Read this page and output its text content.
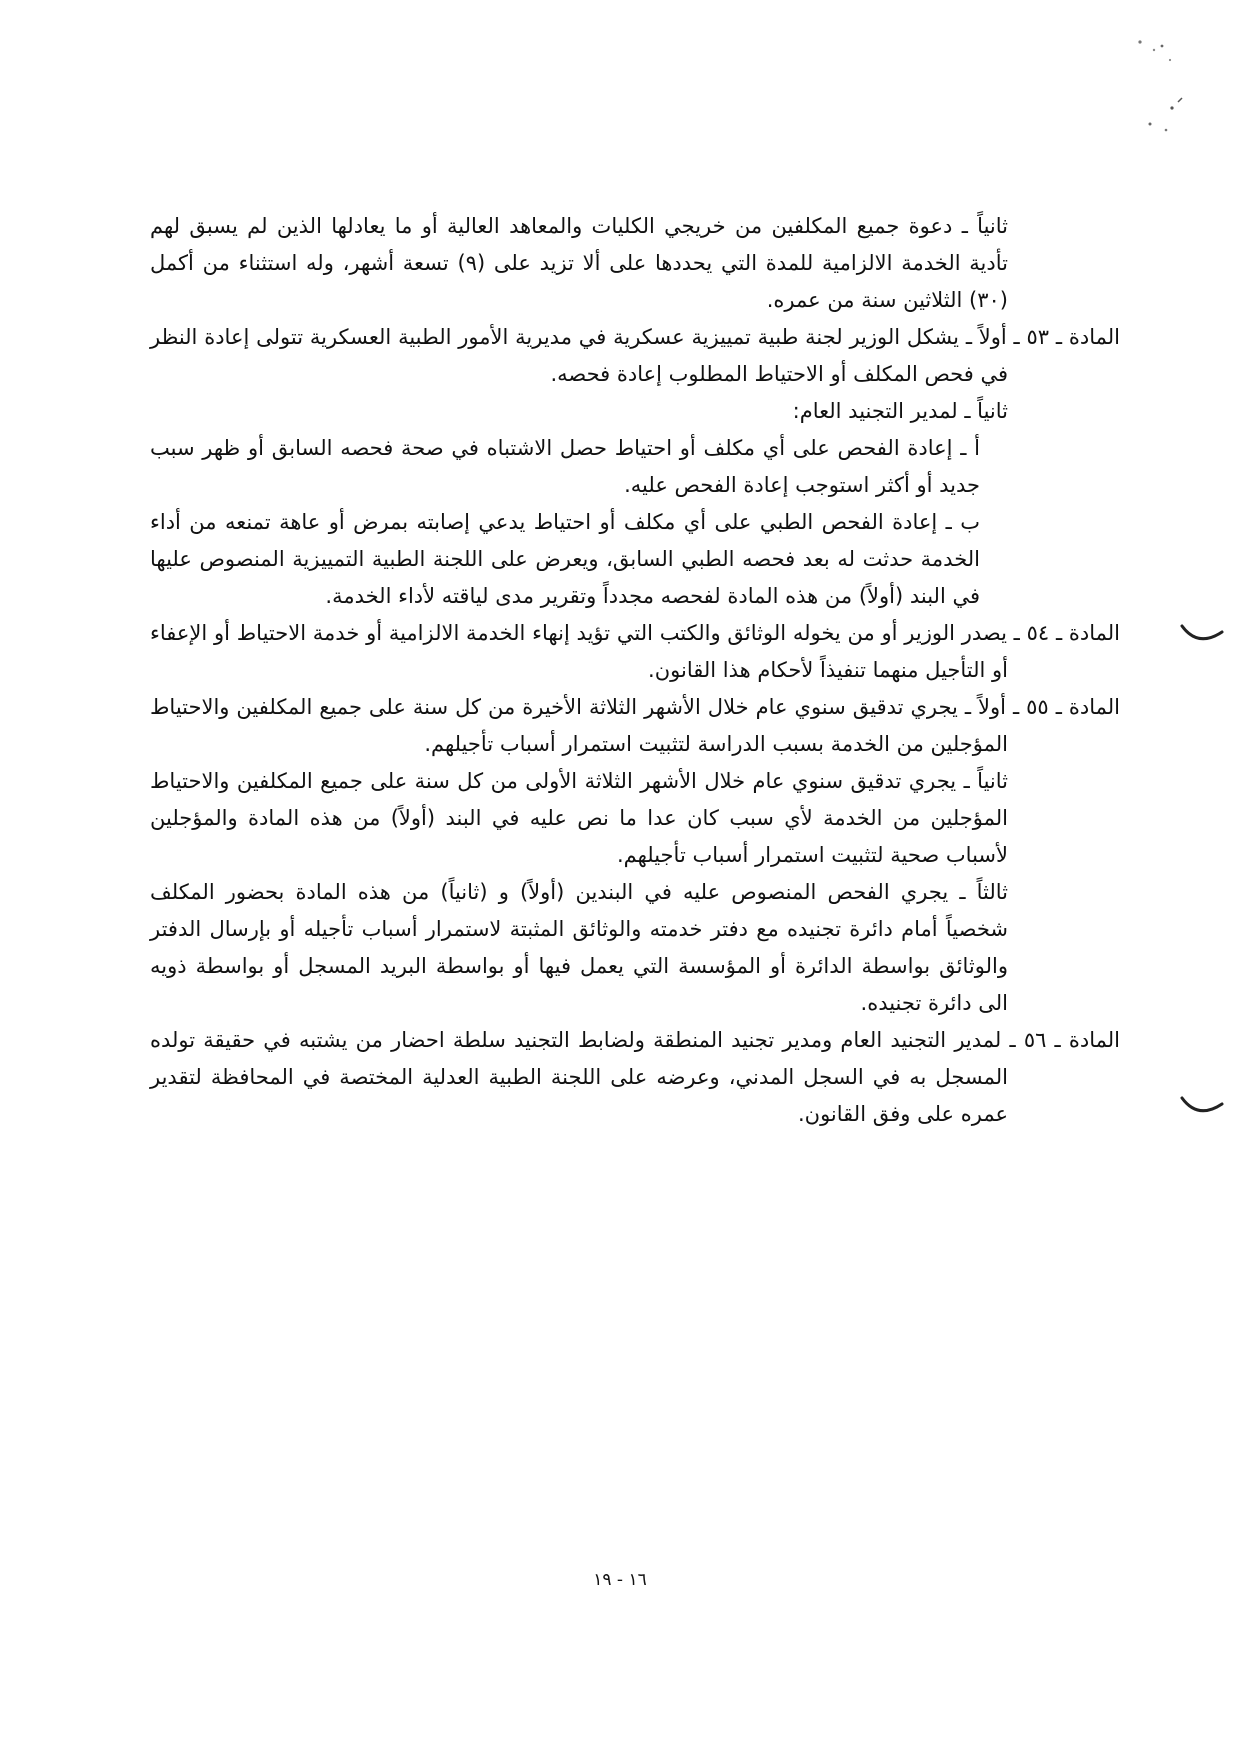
ثانياً ـ دعوة جميع المكلفين من خريجي الكليات والمعاهد العالية أو ما يعادلها الذين لم يسبق لهم تأدية الخدمة الالزامية للمدة التي يحددها على ألا تزيد على (٩) تسعة أشهر، وله استثناء من أكمل (٣٠) الثلاثين سنة من عمره.

المادة ـ ٥٣ ـ أولاً ـ يشكل الوزير لجنة طبية تمييزية عسكرية في مديرية الأمور الطبية العسكرية تتولى إعادة النظر في فحص المكلف أو الاحتياط المطلوب إعادة فحصه.

ثانياً ـ لمدير التجنيد العام:

أ ـ إعادة الفحص على أي مكلف أو احتياط حصل الاشتباه في صحة فحصه السابق أو ظهر سبب جديد أو أكثر استوجب إعادة الفحص عليه.

ب ـ إعادة الفحص الطبي على أي مكلف أو احتياط يدعي إصابته بمرض أو عاهة تمنعه من أداء الخدمة حدثت له بعد فحصه الطبي السابق، ويعرض على اللجنة الطبية التمييزية المنصوص عليها في البند (أولاً) من هذه المادة لفحصه مجدداً وتقرير مدى لياقته لأداء الخدمة.

المادة ـ ٥٤ ـ يصدر الوزير أو من يخوله الوثائق والكتب التي تؤيد إنهاء الخدمة الالزامية أو خدمة الاحتياط أو الإعفاء أو التأجيل منهما تنفيذاً لأحكام هذا القانون.

المادة ـ ٥٥ ـ أولاً ـ يجري تدقيق سنوي عام خلال الأشهر الثلاثة الأخيرة من كل سنة على جميع المكلفين والاحتياط المؤجلين من الخدمة بسبب الدراسة لتثبيت استمرار أسباب تأجيلهم.

ثانياً ـ يجري تدقيق سنوي عام خلال الأشهر الثلاثة الأولى من كل سنة على جميع المكلفين والاحتياط المؤجلين من الخدمة لأي سبب كان عدا ما نص عليه في البند (أولاً) من هذه المادة والمؤجلين لأسباب صحية لتثبيت استمرار أسباب تأجيلهم.

ثالثاً ـ يجري الفحص المنصوص عليه في البندين (أولاً) و (ثانياً) من هذه المادة بحضور المكلف شخصياً أمام دائرة تجنيده مع دفتر خدمته والوثائق المثبتة لاستمرار أسباب تأجيله أو بإرسال الدفتر والوثائق بواسطة الدائرة أو المؤسسة التي يعمل فيها أو بواسطة البريد المسجل أو بواسطة ذويه الى دائرة تجنيده.

المادة ـ ٥٦ ـ لمدير التجنيد العام ومدير تجنيد المنطقة ولضابط التجنيد سلطة احضار من يشتبه في حقيقة تولده المسجل به في السجل المدني، وعرضه على اللجنة الطبية العدلية المختصة في المحافظة لتقدير عمره على وفق القانون.

١٦ - ١٩
